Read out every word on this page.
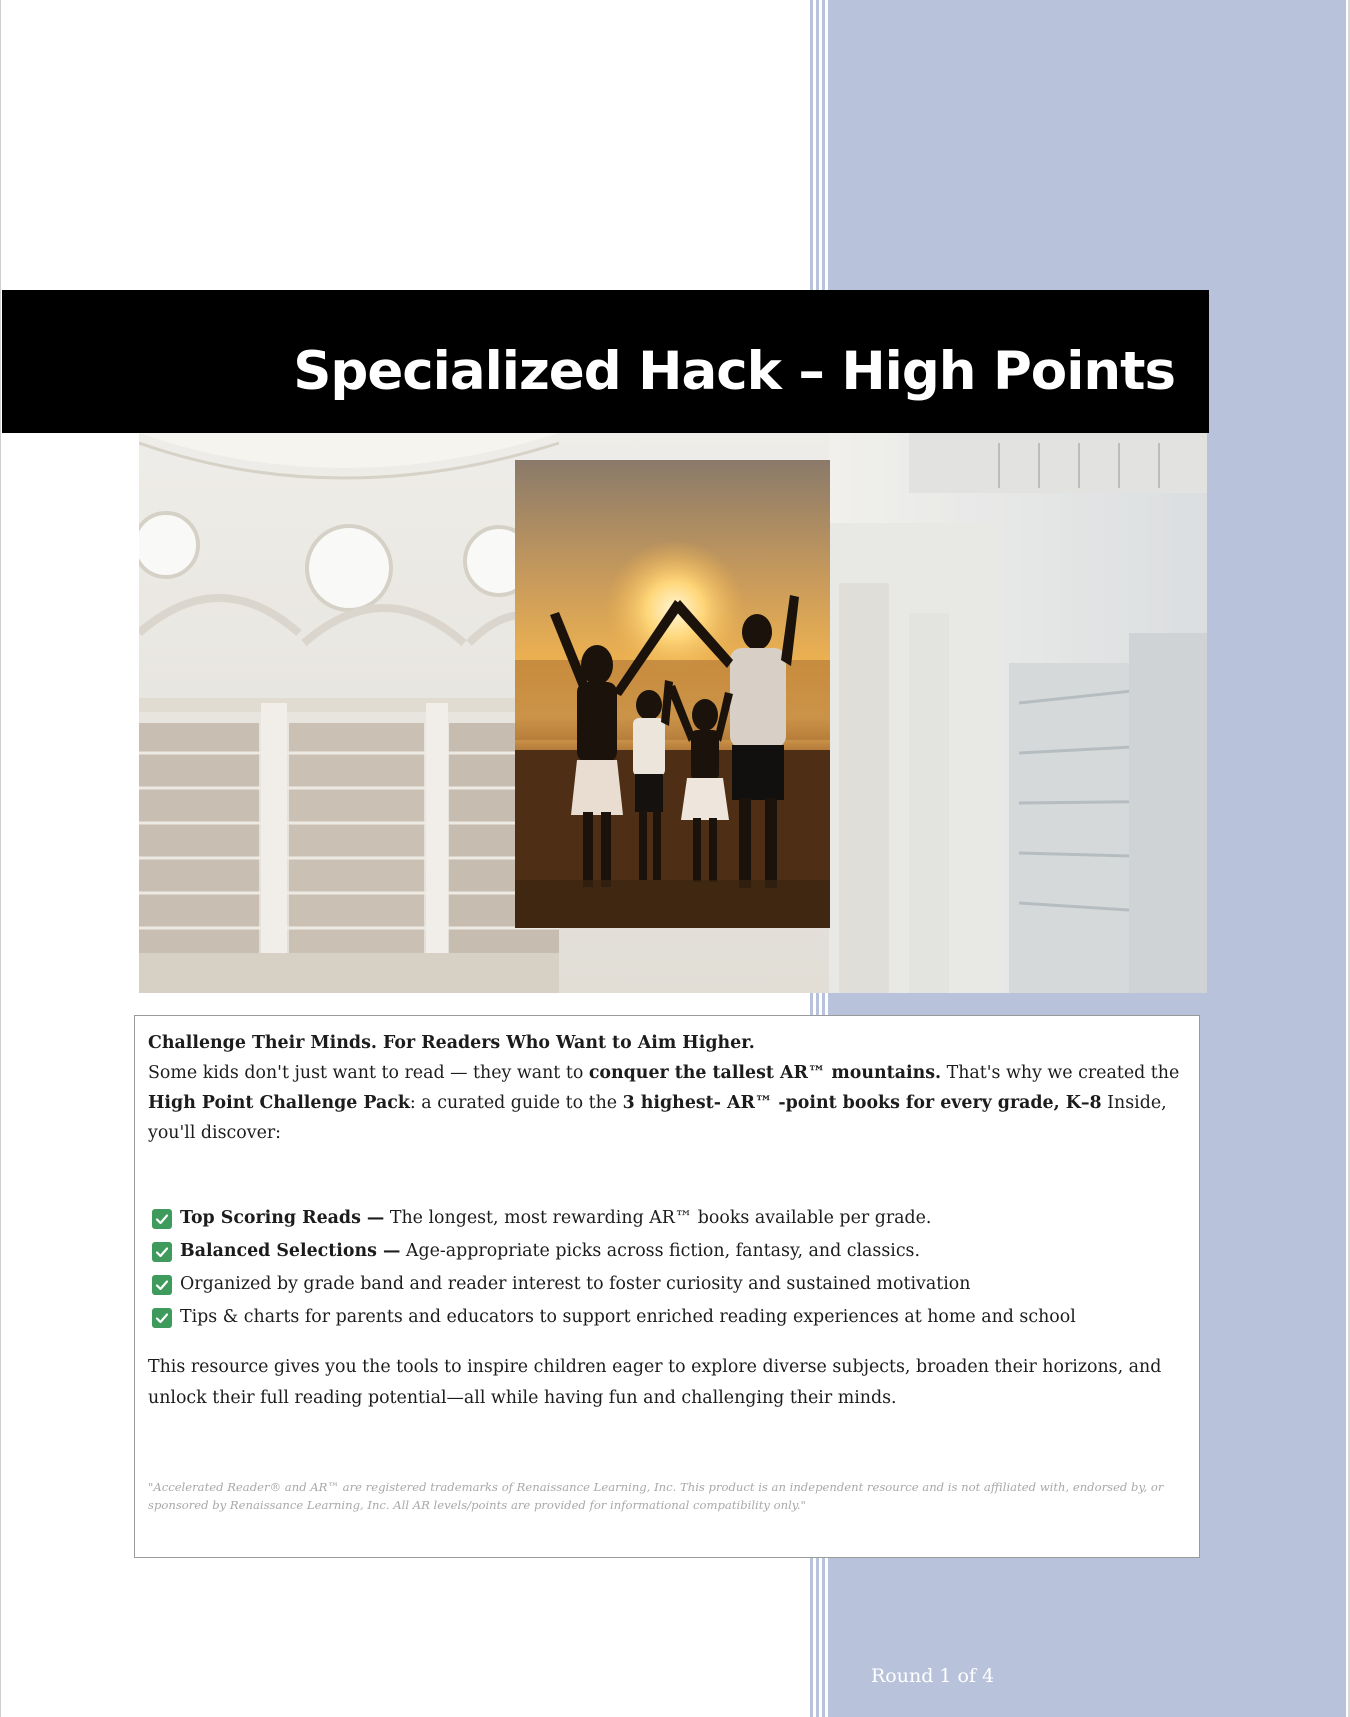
Specialized Hack – High Points
Challenge Their Minds. For Readers Who Want to Aim Higher.
Some kids don't just want to read — they want to conquer the tallest AR™ mountains. That's why we created the High Point Challenge Pack: a curated guide to the 3 highest- AR™ -point books for every grade, K–8 Inside, you'll discover:
Top Scoring Reads — The longest, most rewarding AR™ books available per grade.
Balanced Selections — Age-appropriate picks across fiction, fantasy, and classics.
Organized by grade band and reader interest to foster curiosity and sustained motivation
Tips & charts for parents and educators to support enriched reading experiences at home and school
This resource gives you the tools to inspire children eager to explore diverse subjects, broaden their horizons, and unlock their full reading potential—all while having fun and challenging their minds.
"Accelerated Reader® and AR™ are registered trademarks of Renaissance Learning, Inc. This product is an independent resource and is not affiliated with, endorsed by, or sponsored by Renaissance Learning, Inc. All AR levels/points are provided for informational compatibility only."
Round 1 of 4
